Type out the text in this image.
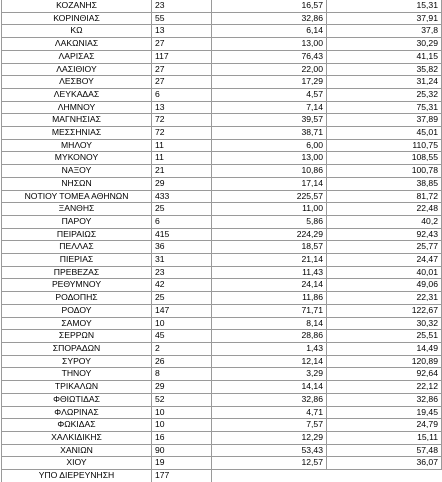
ΚΟΖΑΝΗΣ	23	16,57	15,31
ΚΟΡΙΝΘΙΑΣ	55	32,86	37,91
ΚΩ	13	6,14	37,8
ΛΑΚΩΝΙΑΣ	27	13,00	30,29
ΛΑΡΙΣΑΣ	117	76,43	41,15
ΛΑΣΙΘΙΟΥ	27	22,00	35,82
ΛΕΣΒΟΥ	27	17,29	31,24
ΛΕΥΚΑΔΑΣ	6	4,57	25,32
ΛΗΜΝΟΥ	13	7,14	75,31
ΜΑΓΝΗΣΙΑΣ	72	39,57	37,89
ΜΕΣΣΗΝΙΑΣ	72	38,71	45,01
ΜΗΛΟΥ	11	6,00	110,75
ΜΥΚΟΝΟΥ	11	13,00	108,55
ΝΑΞΟΥ	21	10,86	100,78
ΝΗΣΩΝ	29	17,14	38,85
ΝΟΤΙΟΥ ΤΟΜΕΑ ΑΘΗΝΩΝ	433	225,57	81,72
ΞΑΝΘΗΣ	25	11,00	22,48
ΠΑΡΟΥ	6	5,86	40,2
ΠΕΙΡΑΙΩΣ	415	224,29	92,43
ΠΕΛΛΑΣ	36	18,57	25,77
ΠΙΕΡΙΑΣ	31	21,14	24,47
ΠΡΕΒΕΖΑΣ	23	11,43	40,01
ΡΕΘΥΜΝΟΥ	42	24,14	49,06
ΡΟΔΟΠΗΣ	25	11,86	22,31
ΡΟΔΟΥ	147	71,71	122,67
ΣΑΜΟΥ	10	8,14	30,32
ΣΕΡΡΩΝ	45	28,86	25,51
ΣΠΟΡΑΔΩΝ	2	1,43	14,49
ΣΥΡΟΥ	26	12,14	120,89
ΤΗΝΟΥ	8	3,29	92,64
ΤΡΙΚΑΛΩΝ	29	14,14	22,12
ΦΘΙΩΤΙΔΑΣ	52	32,86	32,86
ΦΛΩΡΙΝΑΣ	10	4,71	19,45
ΦΩΚΙΔΑΣ	10	7,57	24,79
ΧΑΛΚΙΔΙΚΗΣ	16	12,29	15,11
ΧΑΝΙΩΝ	90	53,43	57,48
ΧΙΟΥ	19	12,57	36,07
ΥΠΟ ΔΙΕΡΕΥΝΗΣΗ	177		
